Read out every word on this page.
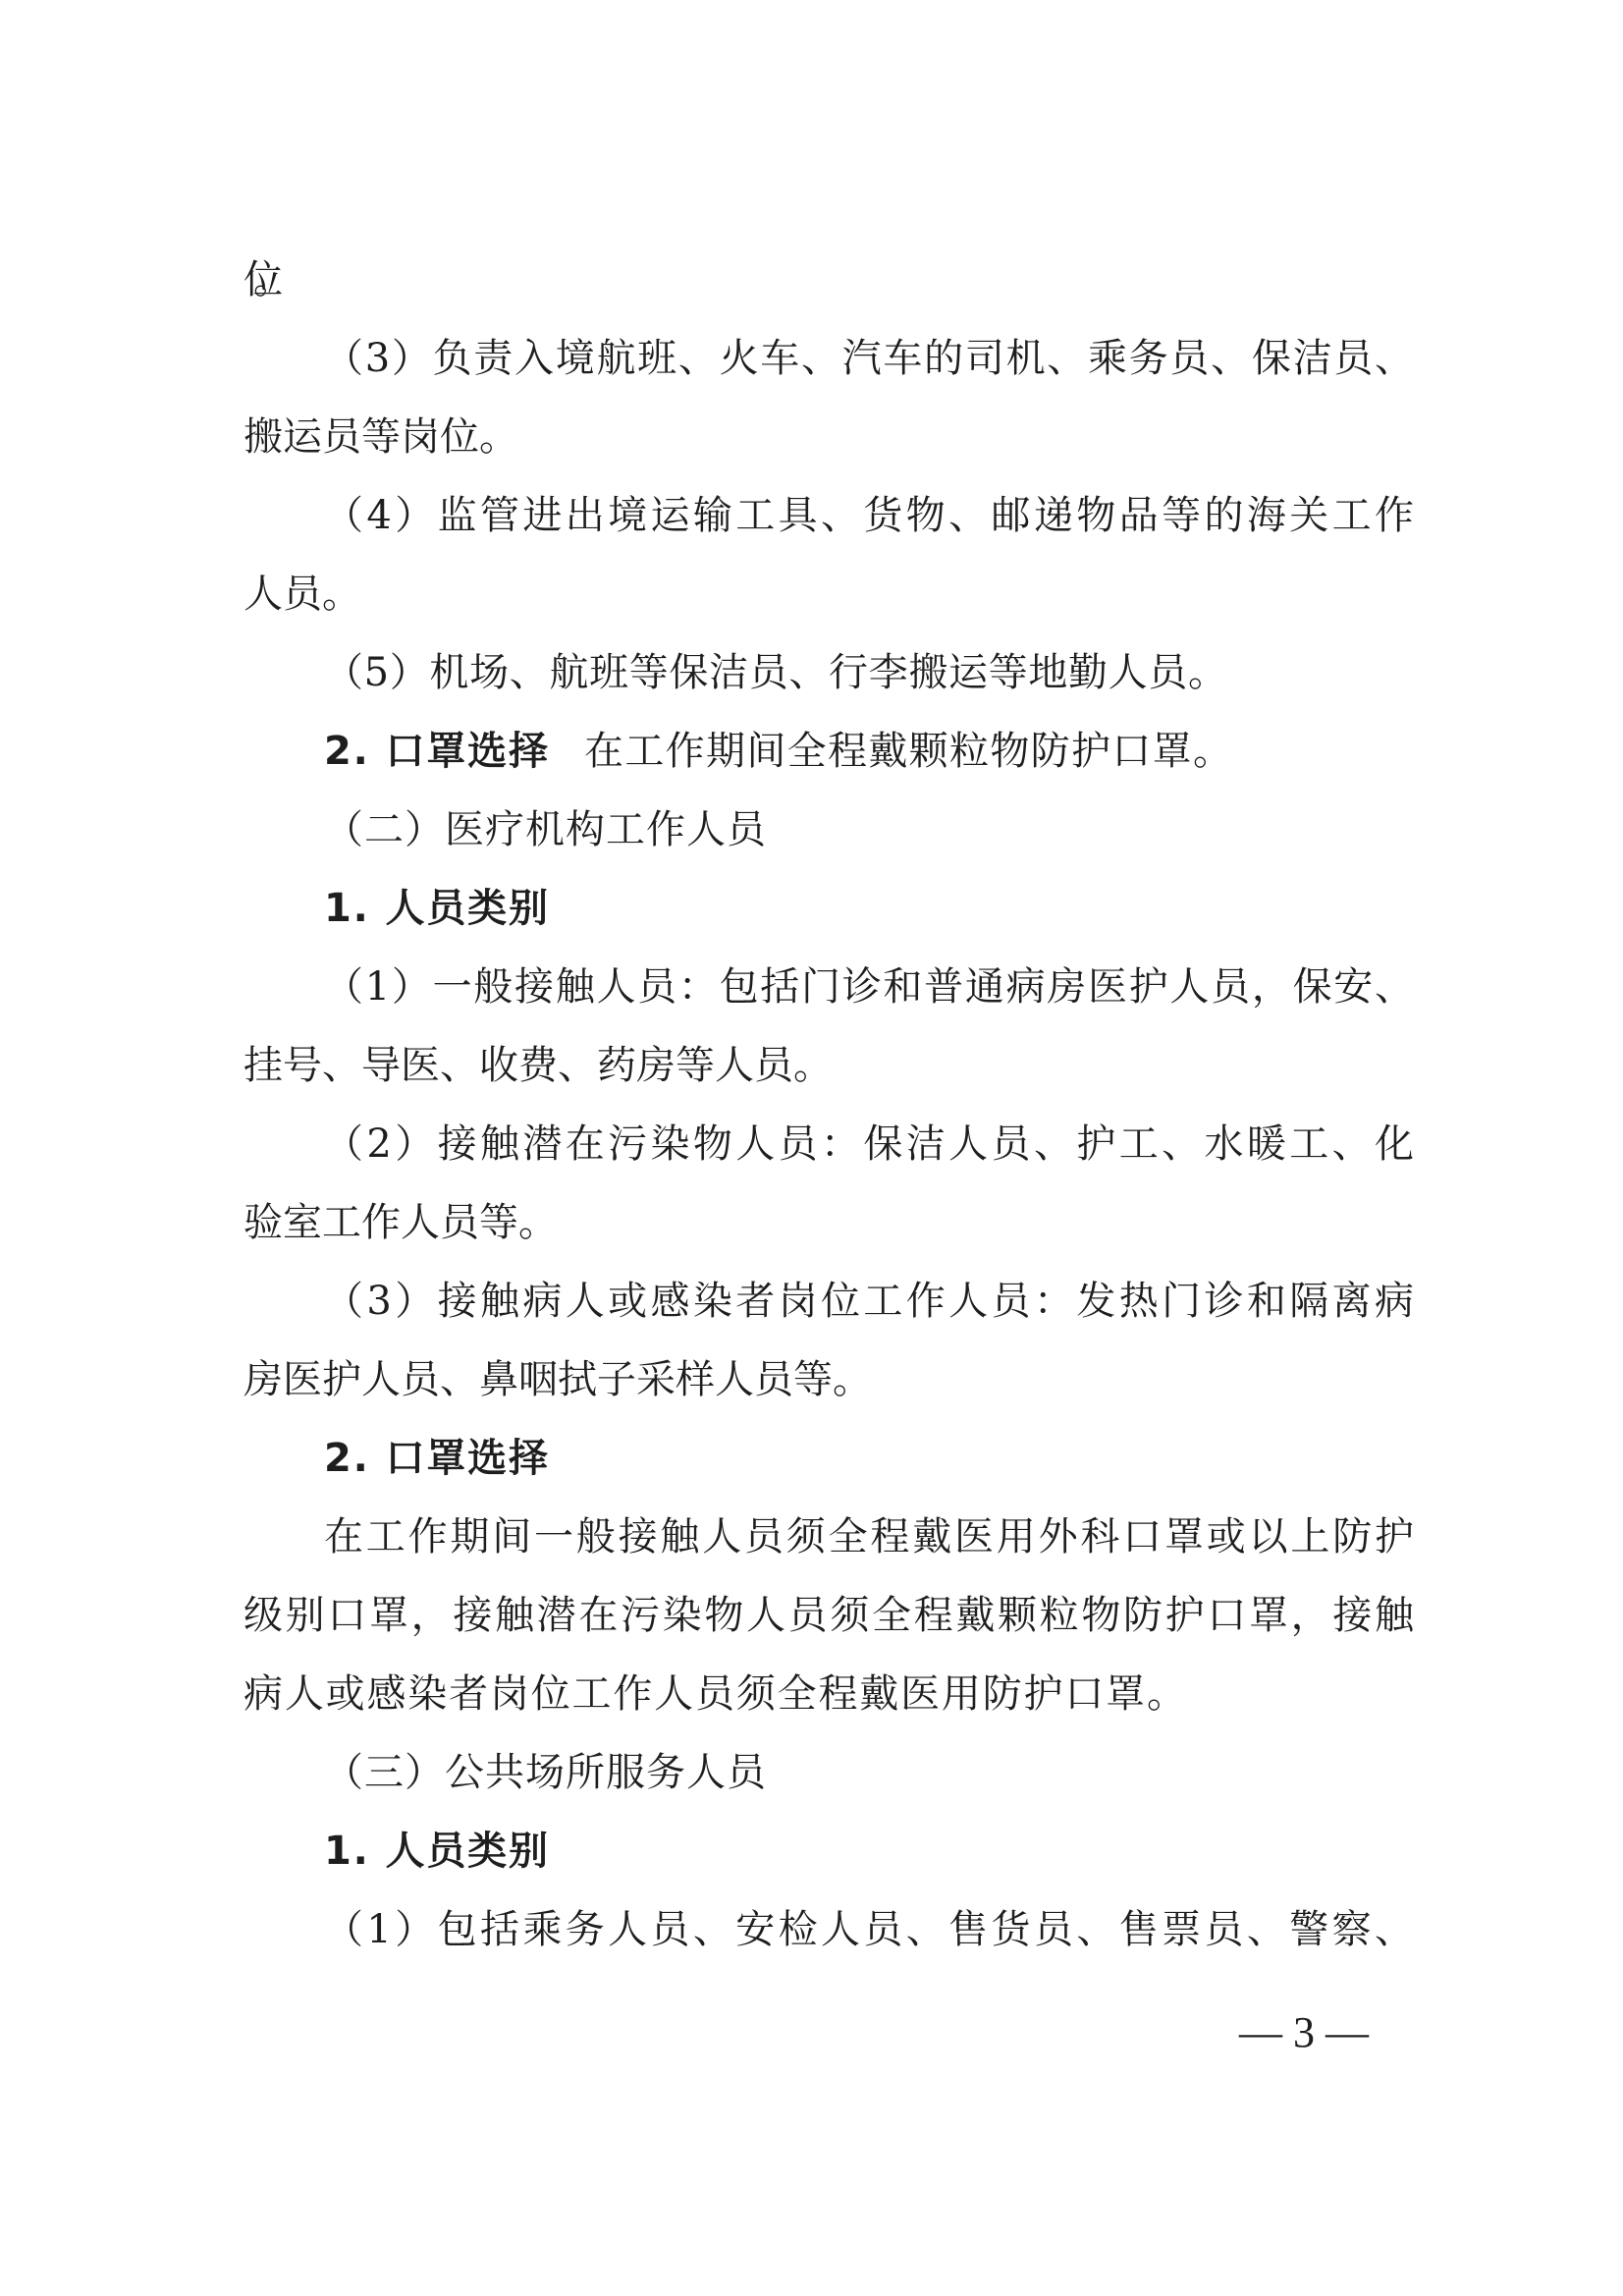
位。
（3）负责入境航班、火车、汽车的司机、乘务员、保洁员、
搬运员等岗位。
（4）监管进出境运输工具、货物、邮递物品等的海关工作
人员。
（5）机场、航班等保洁员、行李搬运等地勤人员。
2. 口罩选择 在工作期间全程戴颗粒物防护口罩。
（二）医疗机构工作人员
1. 人员类别
（1）一般接触人员：包括门诊和普通病房医护人员，保安、
挂号、导医、收费、药房等人员。
（2）接触潜在污染物人员：保洁人员、护工、水暖工、化
验室工作人员等。
（3）接触病人或感染者岗位工作人员：发热门诊和隔离病
房医护人员、鼻咽拭子采样人员等。
2. 口罩选择
在工作期间一般接触人员须全程戴医用外科口罩或以上防护
级别口罩，接触潜在污染物人员须全程戴颗粒物防护口罩，接触
病人或感染者岗位工作人员须全程戴医用防护口罩。
（三）公共场所服务人员
1. 人员类别
（1）包括乘务人员、安检人员、售货员、售票员、警察、
— 3 —
